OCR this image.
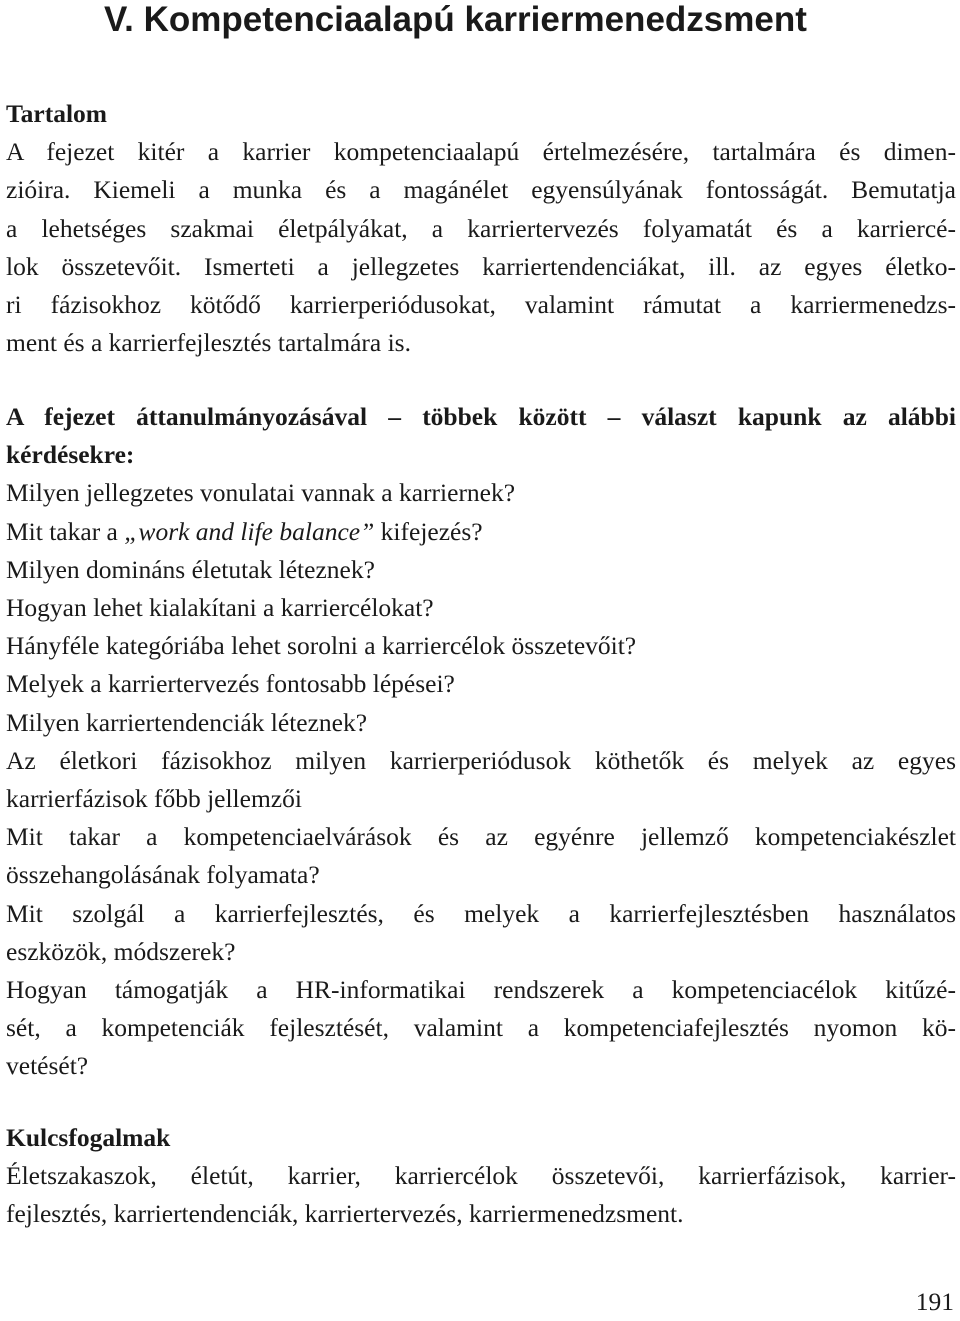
V. Kompetenciaalapú karriermenedzsment
Tartalom

A fejezet kitér a karrier kompetenciaalapú értelmezésére, tartalmára és dimen-
zióira. Kiemeli a munka és a magánélet egyensúlyának fontosságát. Bemutatja
a lehetséges szakmai életpályákat, a karriertervezés folyamatát és a karriercé-
lok összetevőit. Ismerteti a jellegzetes karriertendenciákat, ill. az egyes életko-
ri fázisokhoz kötődő karrierperiódusokat, valamint rámutat a karriermenedzs-
ment és a karrierfejlesztés tartalmára is.

A fejezet áttanulmányozásával – többek között – választ kapunk az alábbi
kérdésekre:
Milyen jellegzetes vonulatai vannak a karriernek?
Mit takar a „work and life balance” kifejezés?
Milyen domináns életutak léteznek?
Hogyan lehet kialakítani a karriercélokat?
Hányféle kategóriába lehet sorolni a karriercélok összetevőit?
Melyek a karriertervezés fontosabb lépései?
Milyen karriertendenciák léteznek?
Az életkori fázisokhoz milyen karrierperiódusok köthetők és melyek az egyes
karrierfázisok főbb jellemzői
Mit takar a kompetenciaelvárások és az egyénre jellemző kompetenciakészlet
összehangolásának folyamata?
Mit szolgál a karrierfejlesztés, és melyek a karrierfejlesztésben használatos
eszközök, módszerek?
Hogyan támogatják a HR-informatikai rendszerek a kompetenciacélok kitűzé-
sét, a kompetenciák fejlesztését, valamint a kompetenciafejlesztés nyomon kö-
vetését?
Kulcsfogalmak

Életszakaszok, életút, karrier, karriercélok összetevői, karrierfázisok, karrier-
fejlesztés, karriertendenciák, karriertervezés, karriermenedzsment.

191
